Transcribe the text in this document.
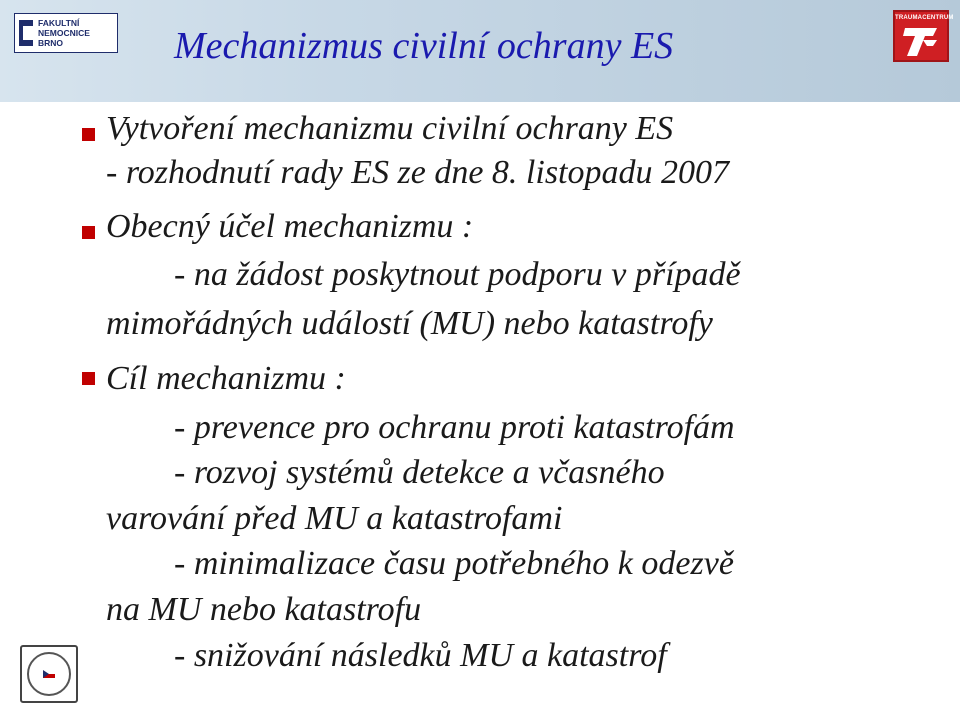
FAKULTNÍ
NEMOCNICE
BRNO
TRAUMACENTRUM
Mechanizmus civilní ochrany ES

Vytvoření mechanizmu civilní ochrany ES

- rozhodnutí rady ES ze dne 8. listopadu 2007

Obecný účel mechanizmu :

- na žádost poskytnout podporu v případě

mimořádných událostí (MU) nebo katastrofy

Cíl mechanizmu :

- prevence pro ochranu proti katastrofám

- rozvoj systémů detekce a včasného

varování před MU a katastrofami

- minimalizace času potřebného k odezvě

na MU nebo katastrofu

- snižování následků MU a katastrof
